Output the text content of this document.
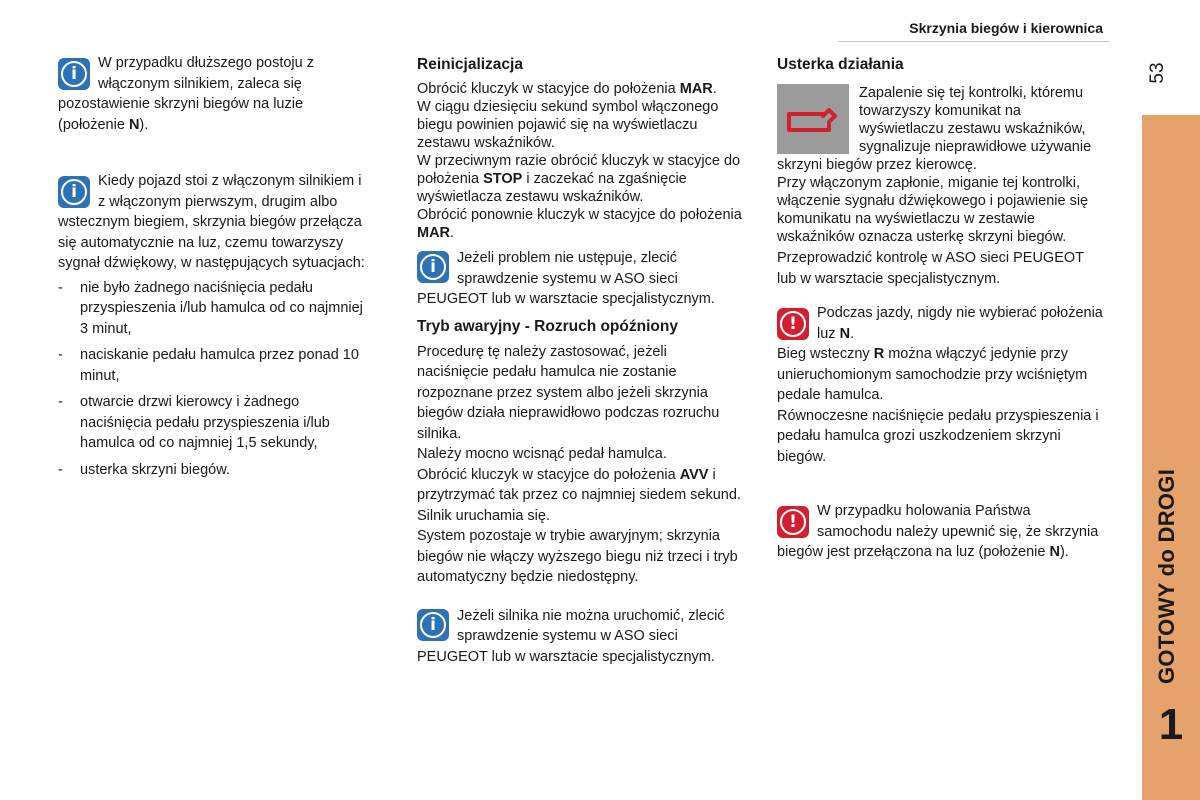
Skrzynia biegów i kierownica
53
GOTOWY do DROGI
1
i

W przypadku dłuższego postoju z włączonym silnikiem, zaleca się pozostawienie skrzyni biegów na luzie (położenie N).

i

Kiedy pojazd stoi z włączonym silnikiem i z włączonym pierwszym, drugim albo wstecznym biegiem, skrzynia biegów przełącza się automatycznie na luz, czemu towarzyszy sygnał dźwiękowy, w następujących sytuacjach:

- nie było żadnego naciśnięcia pedału przyspieszenia i/lub hamulca od co najmniej 3 minut,
- naciskanie pedału hamulca przez ponad 10 minut,
- otwarcie drzwi kierowcy i żadnego naciśnięcia pedału przyspieszenia i/lub hamulca od co najmniej 1,5 sekundy,
- usterka skrzyni biegów.
Reinicjalizacja

Obrócić kluczyk w stacyjce do położenia MAR.

W ciągu dziesięciu sekund symbol włączonego biegu powinien pojawić się na wyświetlaczu zestawu wskaźników.

W przeciwnym razie obrócić kluczyk w stacyjce do położenia STOP i zaczekać na zgaśnięcie wyświetlacza zestawu wskaźników.

Obrócić ponownie kluczyk w stacyjce do położenia MAR.

i	Jeżeli problem nie ustępuje, zlecić sprawdzenie systemu w ASO sieci PEUGEOT lub w warsztacie specjalistycznym.

Tryb awaryjny - Rozruch opóźniony

Procedurę tę należy zastosować, jeżeli naciśnięcie pedału hamulca nie zostanie rozpoznane przez system albo jeżeli skrzynia biegów działa nieprawidłowo podczas rozruchu silnika.

Należy mocno wcisnąć pedał hamulca.

Obrócić kluczyk w stacyjce do położenia AVV i przytrzymać tak przez co najmniej siedem sekund.

Silnik uruchamia się.

System pozostaje w trybie awaryjnym; skrzynia biegów nie włączy wyższego biegu niż trzeci i tryb automatyczny będzie niedostępny.

i	Jeżeli silnika nie można uruchomić, zlecić sprawdzenie systemu w ASO sieci PEUGEOT lub w warsztacie specjalistycznym.

Usterka działania

Zapalenie się tej kontrolki, któremu towarzyszy komunikat na wyświetlaczu zestawu wskaźników, sygnalizuje nieprawidłowe używanie skrzyni biegów przez kierowcę.

Przy włączonym zapłonie, miganie tej kontrolki, włączenie sygnału dźwiękowego i pojawienie się komunikatu na wyświetlaczu w zestawie wskaźników oznacza usterkę skrzyni biegów.

Przeprowadzić kontrolę w ASO sieci PEUGEOT lub w warsztacie specjalistycznym.

!

Podczas jazdy, nigdy nie wybierać położenia luz N.

Bieg wsteczny R można włączyć jedynie przy unieruchomionym samochodzie przy wciśniętym pedale hamulca.

Równoczesne naciśnięcie pedału przyspieszenia i pedału hamulca grozi uszkodzeniem skrzyni biegów.

!

W przypadku holowania Państwa samochodu należy upewnić się, że skrzynia biegów jest przełączona na luz (położenie N).
